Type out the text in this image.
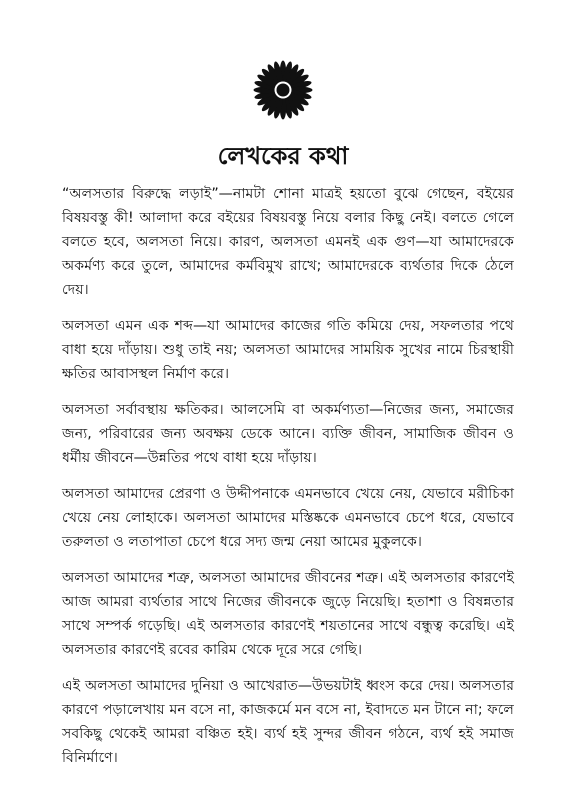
লেখকের কথা

“অলসতার বিরুদ্ধে লড়াই”—নামটা শোনা মাত্রই হয়তো বুঝে গেছেন, বইয়ের বিষয়বস্তু কী! আলাদা করে বইয়ের বিষয়বস্তু নিয়ে বলার কিছু নেই। বলতে গেলে বলতে হবে, অলসতা নিয়ে। কারণ, অলসতা এমনই এক গুণ—যা আমাদেরকে অকর্মণ্য করে তুলে, আমাদের কর্মবিমুখ রাখে; আমাদেরকে ব্যর্থতার দিকে ঠেলে দেয়।

অলসতা এমন এক শব্দ—যা আমাদের কাজের গতি কমিয়ে দেয়, সফলতার পথে বাধা হয়ে দাঁড়ায়। শুধু তাই নয়; অলসতা আমাদের সাময়িক সুখের নামে চিরস্থায়ী ক্ষতির আবাসস্থল নির্মাণ করে।

অলসতা সর্বাবস্থায় ক্ষতিকর। আলসেমি বা অকর্মণ্যতা—নিজের জন্য, সমাজের জন্য, পরিবারের জন্য অবক্ষয় ডেকে আনে। ব্যক্তি জীবন, সামাজিক জীবন ও ধর্মীয় জীবনে—উন্নতির পথে বাধা হয়ে দাঁড়ায়।

অলসতা আমাদের প্রেরণা ও উদ্দীপনাকে এমনভাবে খেয়ে নেয়, যেভাবে মরীচিকা খেয়ে নেয় লোহাকে। অলসতা আমাদের মস্তিষ্ককে এমনভাবে চেপে ধরে, যেভাবে তরুলতা ও লতাপাতা চেপে ধরে সদ্য জন্ম নেয়া আমের মুকুলকে।

অলসতা আমাদের শত্রু, অলসতা আমাদের জীবনের শত্রু। এই অলসতার কারণেই আজ আমরা ব্যর্থতার সাথে নিজের জীবনকে জুড়ে নিয়েছি। হতাশা ও বিষন্নতার সাথে সম্পর্ক গড়েছি। এই অলসতার কারণেই শয়তানের সাথে বন্ধুত্ব করেছি। এই অলসতার কারণেই রবের কারিম থেকে দূরে সরে গেছি।

এই অলসতা আমাদের দুনিয়া ও আখেরাত—উভয়টাই ধ্বংস করে দেয়। অলসতার কারণে পড়ালেখায় মন বসে না, কাজকর্মে মন বসে না, ইবাদতে মন টানে না; ফলে সবকিছু থেকেই আমরা বঞ্চিত হই। ব্যর্থ হই সুন্দর জীবন গঠনে, ব্যর্থ হই সমাজ বিনির্মাণে।
